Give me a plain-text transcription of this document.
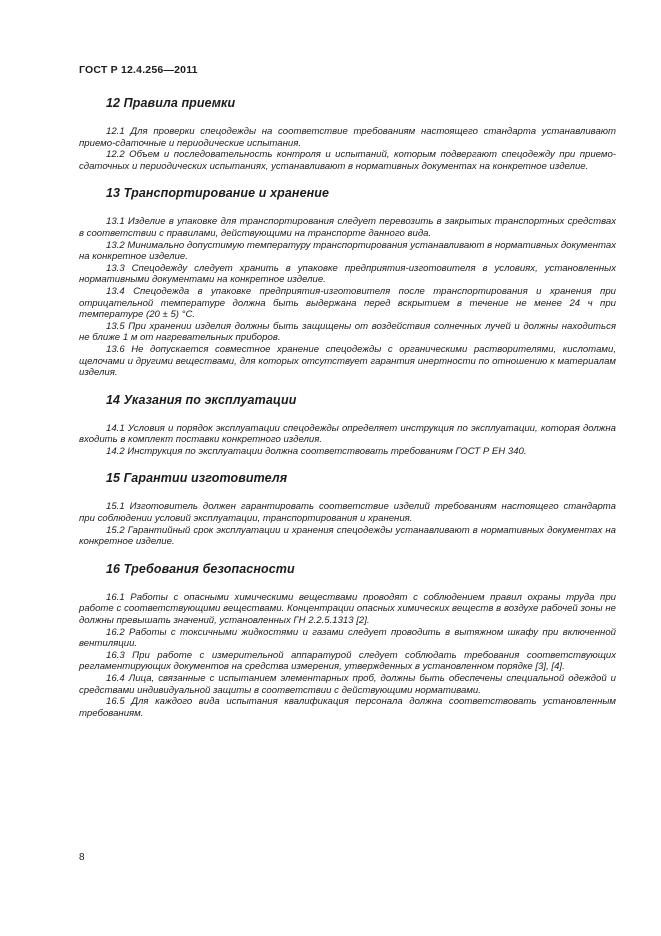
ГОСТ Р 12.4.256—2011
12 Правила приемки

12.1 Для проверки спецодежды на соответствие требованиям настоящего стандарта устанавливают приемо-сдаточные и периодические испытания.

12.2 Объем и последовательность контроля и испытаний, которым подвергают спецодежду при приемо-сдаточных и периодических испытаниях, устанавливают в нормативных документах на конкретное изделие.

13 Транспортирование и хранение

13.1 Изделие в упаковке для транспортирования следует перевозить в закрытых транспортных средствах в соответствии с правилами, действующими на транспорте данного вида.

13.2 Минимально допустимую температуру транспортирования устанавливают в нормативных документах на конкретное изделие.

13.3 Спецодежду следует хранить в упаковке предприятия-изготовителя в условиях, установленных нормативными документами на конкретное изделие.

13.4 Спецодежда в упаковке предприятия-изготовителя после транспортирования и хранения при отрицательной температуре должна быть выдержана перед вскрытием в течение не менее 24 ч при температуре (20 ± 5) °С.

13.5 При хранении изделия должны быть защищены от воздействия солнечных лучей и должны находиться не ближе 1 м от нагревательных приборов.

13.6 Не допускается совместное хранение спецодежды с органическими растворителями, кислотами, щелочами и другими веществами, для которых отсутствует гарантия инертности по отношению к материалам изделия.

14 Указания по эксплуатации

14.1 Условия и порядок эксплуатации спецодежды определяет инструкция по эксплуатации, которая должна входить в комплект поставки конкретного изделия.

14.2 Инструкция по эксплуатации должна соответствовать требованиям ГОСТ Р ЕН 340.

15 Гарантии изготовителя

15.1 Изготовитель должен гарантировать соответствие изделий требованиям настоящего стандарта при соблюдении условий эксплуатации, транспортирования и хранения.

15.2 Гарантийный срок эксплуатации и хранения спецодежды устанавливают в нормативных документах на конкретное изделие.

16 Требования безопасности

16.1 Работы с опасными химическими веществами проводят с соблюдением правил охраны труда при работе с соответствующими веществами. Концентрации опасных химических веществ в воздухе рабочей зоны не должны превышать значений, установленных ГН 2.2.5.1313 [2].

16.2 Работы с токсичными жидкостями и газами следует проводить в вытяжном шкафу при включенной вентиляции.

16.3 При работе с измерительной аппаратурой следует соблюдать требования соответствующих регламентирующих документов на средства измерения, утвержденных в установленном порядке [3], [4].

16.4 Лица, связанные с испытанием элементарных проб, должны быть обеспечены специальной одеждой и средствами индивидуальной защиты в соответствии с действующими нормативами.

16.5 Для каждого вида испытания квалификация персонала должна соответствовать установленным требованиям.

8
